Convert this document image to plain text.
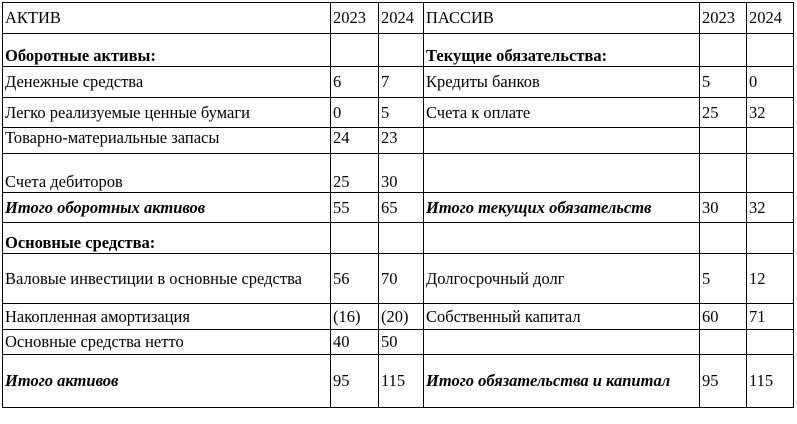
АКТИВ	2023	2024	ПАССИВ	2023	2024
Оборотные активы:			Текущие обязательства:		
Денежные средства	6	7	Кредиты банков	5	0
Легко реализуемые ценные бумаги	0	5	Счета к оплате	25	32
Товарно-материальные запасы	24	23			
Счета дебиторов	25	30			
Итого оборотных активов	55	65	Итого текущих обязательств	30	32
Основные средства:					
Валовые инвестиции в основные средства	56	70	Долгосрочный долг	5	12
Накопленная амортизация	(16)	(20)	Собственный капитал	60	71
Основные средства нетто	40	50			
Итого активов	95	115	Итого обязательства и капитал	95	115
